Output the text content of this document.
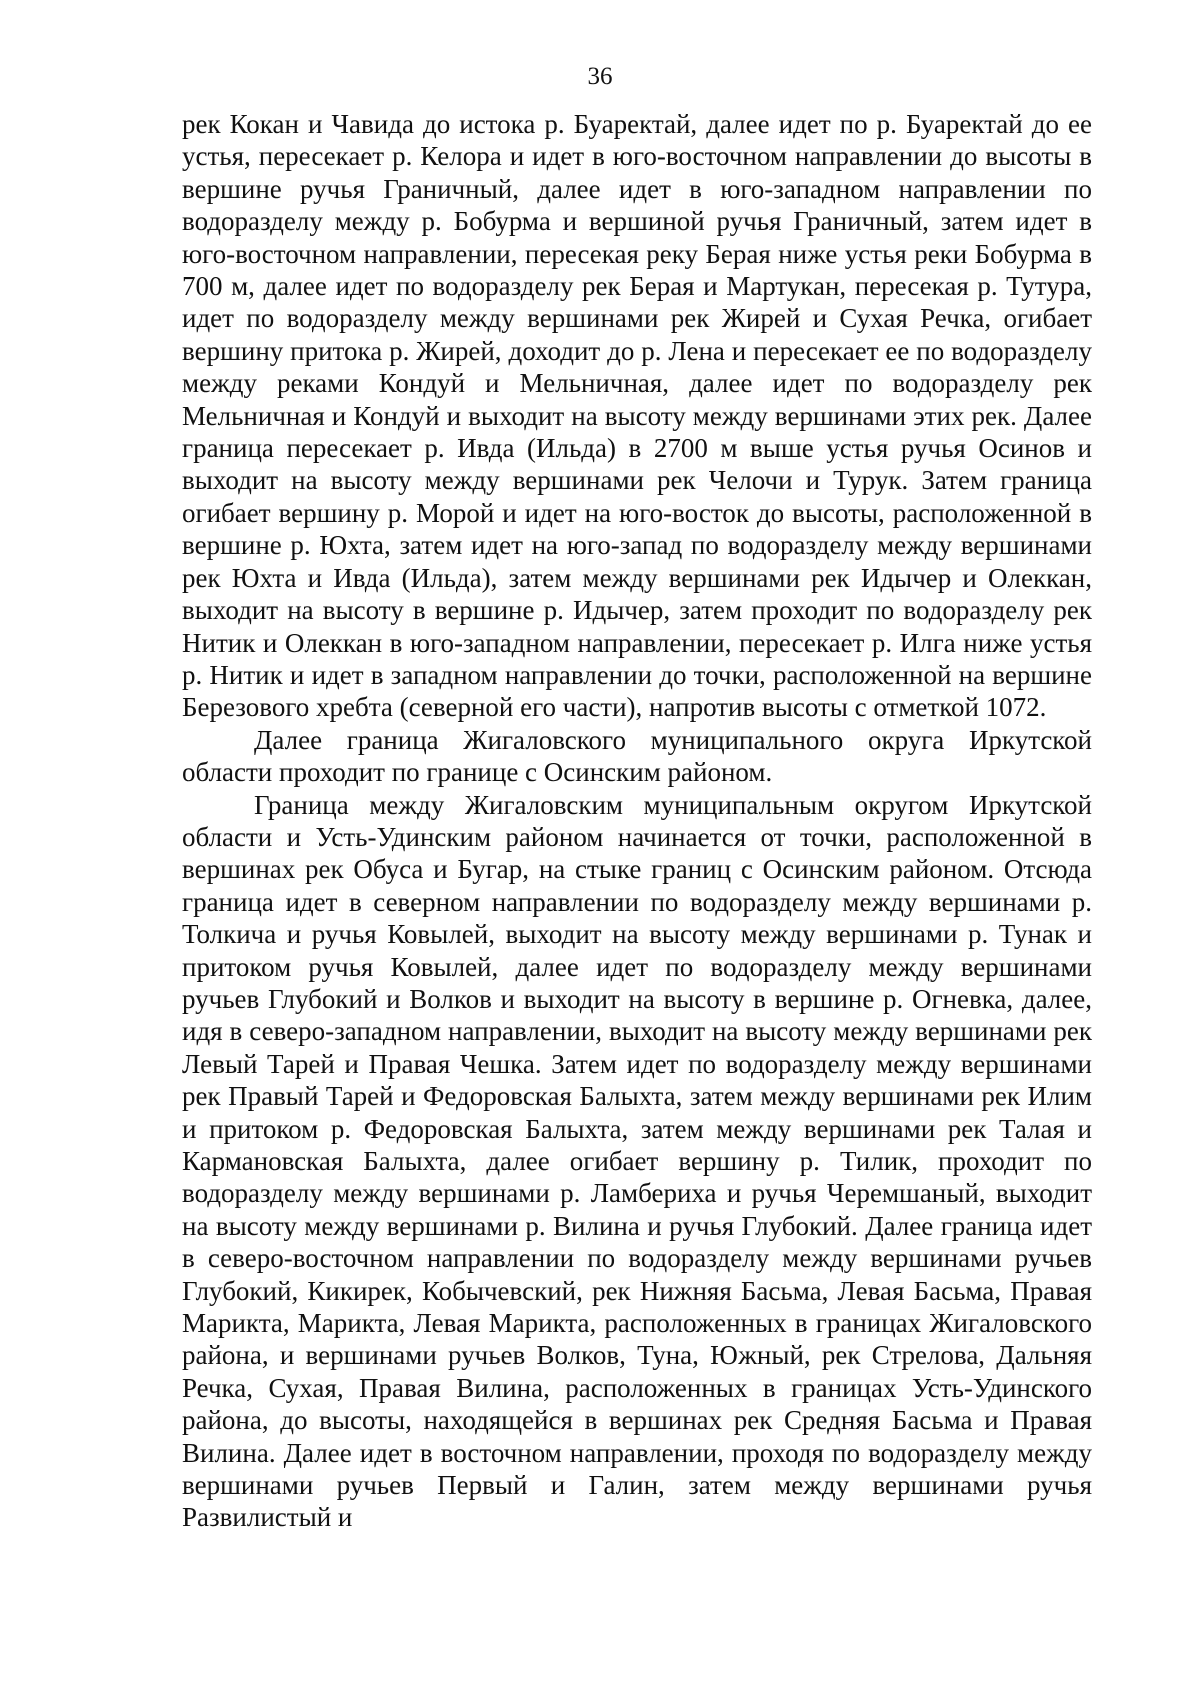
36

рек Кокан и Чавида до истока р. Буаректай, далее идет по р. Буаректай до ее устья, пересекает р. Келора и идет в юго-восточном направлении до высоты в вершине ручья Граничный, далее идет в юго-западном направлении по водоразделу между р. Бобурма и вершиной ручья Граничный, затем идет в юго-восточном направлении, пересекая реку Берая ниже устья реки Бобурма в 700 м, далее идет по водоразделу рек Берая и Мартукан, пересекая р. Тутура, идет по водоразделу между вершинами рек Жирей и Сухая Речка, огибает вершину притока р. Жирей, доходит до р. Лена и пересекает ее по водоразделу между реками Кондуй и Мельничная, далее идет по водоразделу рек Мельничная и Кондуй и выходит на высоту между вершинами этих рек. Далее граница пересекает р. Ивда (Ильда) в 2700 м выше устья ручья Осинов и выходит на высоту между вершинами рек Челочи и Турук. Затем граница огибает вершину р. Морой и идет на юго-восток до высоты, расположенной в вершине р. Юхта, затем идет на юго-запад по водоразделу между вершинами рек Юхта и Ивда (Ильда), затем между вершинами рек Идычер и Олеккан, выходит на высоту в вершине р. Идычер, затем проходит по водоразделу рек Нитик и Олеккан в юго-западном направлении, пересекает р. Илга ниже устья р. Нитик и идет в западном направлении до точки, расположенной на вершине Березового хребта (северной его части), напротив высоты с отметкой 1072.

Далее граница Жигаловского муниципального округа Иркутской области проходит по границе с Осинским районом.

Граница между Жигаловским муниципальным округом Иркутской области и Усть-Удинским районом начинается от точки, расположенной в вершинах рек Обуса и Бугар, на стыке границ с Осинским районом. Отсюда граница идет в северном направлении по водоразделу между вершинами р. Толкича и ручья Ковылей, выходит на высоту между вершинами р. Тунак и притоком ручья Ковылей, далее идет по водоразделу между вершинами ручьев Глубокий и Волков и выходит на высоту в вершине р. Огневка, далее, идя в северо-западном направлении, выходит на высоту между вершинами рек Левый Тарей и Правая Чешка. Затем идет по водоразделу между вершинами рек Правый Тарей и Федоровская Балыхта, затем между вершинами рек Илим и притоком р. Федоровская Балыхта, затем между вершинами рек Талая и Кармановская Балыхта, далее огибает вершину р. Тилик, проходит по водоразделу между вершинами р. Ламбериха и ручья Черемшаный, выходит на высоту между вершинами р. Вилина и ручья Глубокий. Далее граница идет в северо-восточном направлении по водоразделу между вершинами ручьев Глубокий, Кикирек, Кобычевский, рек Нижняя Басьма, Левая Басьма, Правая Марикта, Марикта, Левая Марикта, расположенных в границах Жигаловского района, и вершинами ручьев Волков, Туна, Южный, рек Стрелова, Дальняя Речка, Сухая, Правая Вилина, расположенных в границах Усть-Удинского района, до высоты, находящейся в вершинах рек Средняя Басьма и Правая Вилина. Далее идет в восточном направлении, проходя по водоразделу между вершинами ручьев Первый и Галин, затем между вершинами ручья Развилистый и
